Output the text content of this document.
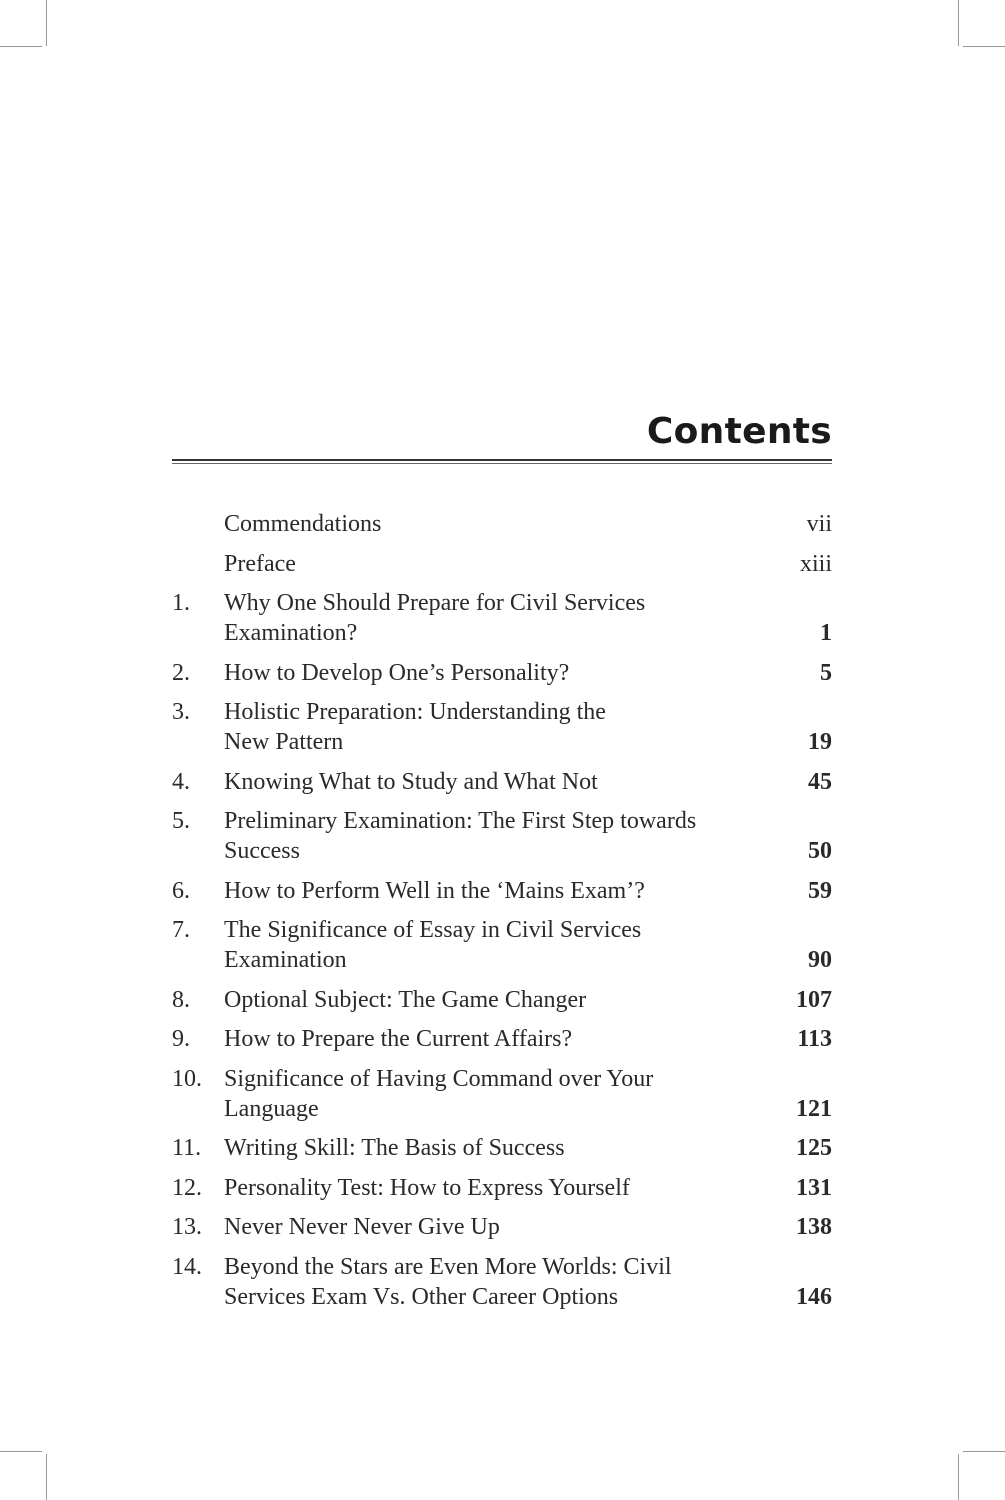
Contents
Commendations	vii
Preface	xiii
1.	Why One Should Prepare for Civil Services
Examination?	1
2.	How to Develop One’s Personality?	5
3.	Holistic Preparation: Understanding the
New Pattern	19
4.	Knowing What to Study and What Not	45
5.	Preliminary Examination: The First Step towards
Success	50
6.	How to Perform Well in the ‘Mains Exam’?	59
7.	The Significance of Essay in Civil Services
Examination	90
8.	Optional Subject: The Game Changer	107
9.	How to Prepare the Current Affairs?	113
10. Significance of Having Command over Your
Language	121
11. Writing Skill: The Basis of Success	125
12. Personality Test: How to Express Yourself	131
13. Never Never Never Give Up	138
14. Beyond the Stars are Even More Worlds: Civil
Services Exam Vs. Other Career Options	146
